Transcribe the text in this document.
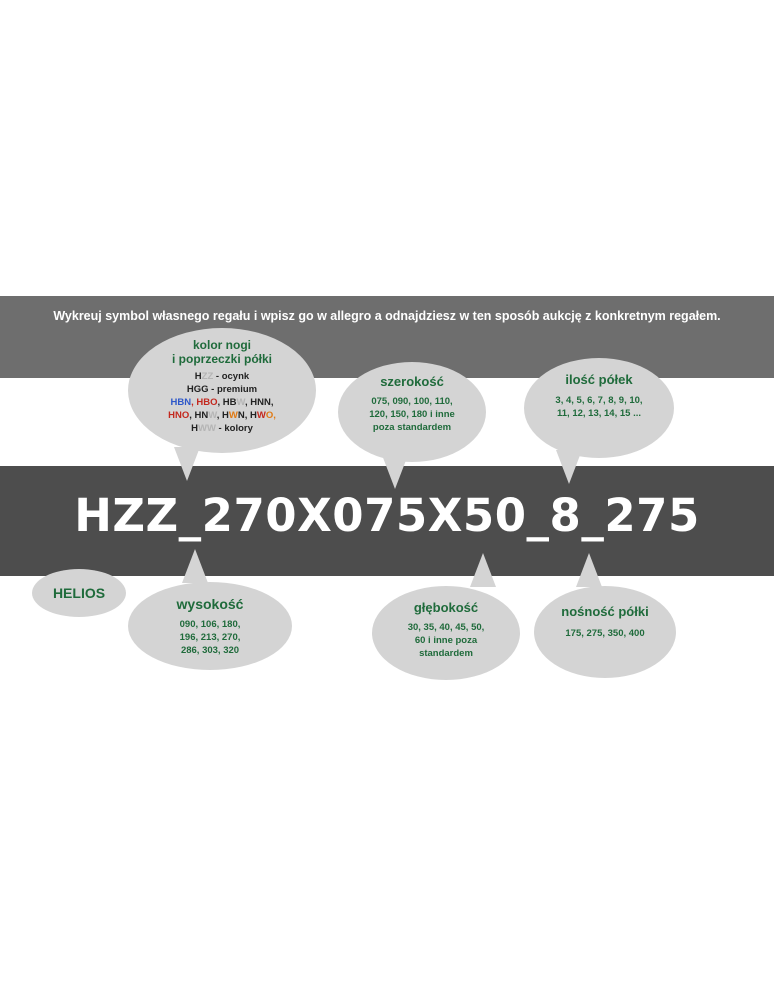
Wykreuj symbol własnego regału i wpisz go w allegro a odnajdziesz w ten sposób aukcję z konkretnym regałem.
HZZ_270X075X50_8_275
kolor nogi
i poprzeczki półki
HZZ - ocynk
HGG - premium
HBN, HBO, HBW, HNN,
HNO, HNW, HWN, HWO,
HWW - kolory
szerokość
075, 090, 100, 110,
120, 150, 180 i inne
poza standardem
ilość półek
3, 4, 5, 6, 7, 8, 9, 10,
11, 12, 13, 14, 15 ...
HELIOS
wysokość
090, 106, 180,
196, 213, 270,
286, 303, 320
głębokość
30, 35, 40, 45, 50,
60 i inne poza
standardem
nośność półki
175, 275, 350, 400
